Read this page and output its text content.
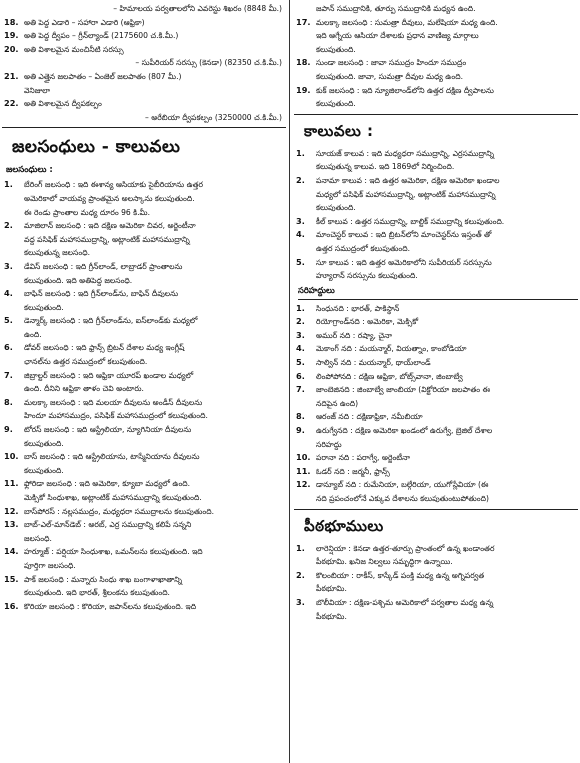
– హిమాలయ పర్వతాలలోని ఎవరెస్టు శిఖరం (8848 మీ.)
18. అతి పెద్ద ఎడారి – సహారా ఎడారి (ఆఫ్రికా)
19. అతి పెద్ద ద్వీపం – గ్రీన్‌ల్యాండ్ (2175600 చ.కి.మీ.)
20. అతి విశాలమైన మంచినీటి సరస్సు
– సుపీరియర్ సరస్సు (కెనడా) (82350 చ.కి.మీ.)
21. అతి ఎత్తైన జలపాతం – ఏంజెల్ జలపాతం (807 మీ.)
వెనిజులా
22. అతి విశాలమైన ద్వీపకల్పం
– అరేబియా ద్వీపకల్పం (3250000 చ.కి.మీ.)
జలసంధులు - కాలువలు
జలసంధులు :
1. బేరింగ్ జలసంధి : ఇది ఈశాన్య ఆసియాకు సైబీరియాను ఉత్తర
అమెరికాలో వాయవ్య ప్రాంతమైన అలస్కాను కలుపుతుంది.
ఈ రెండు ప్రాంతాల మధ్య దూరం 96 కి.మీ.
2. మాజిలాన్ జలసంధి : ఇది దక్షిణ అమెరికా చివర, అర్జెంటీనా
వద్ద పసిఫిక్ మహాసముద్రాన్ని, అట్లాంటిక్ మహాసముద్రాన్ని
కలుపుతున్న జలసంధి.
3. డేవిస్ జలసంధి : ఇది గ్రీన్‌లాండ్, లాబ్రాడర్ ప్రాంతాలను
కలుపుతుంది. ఇది అతిపెద్ద జలసంధి.
4. బాఫిన్ జలసంధి : ఇది గ్రీన్‌లాండ్‌ను, బాఫిన్ దీవులను
కలుపుతుంది.
5. డెన్మార్క్ జలసంధి : ఇది గ్రీన్‌లాండ్‌ను, ఐస్‌లాండ్‌కు మధ్యలో
ఉంది.
6. డోవర్ జలసంధి : ఇది ఫ్రాన్స్ బ్రిటన్ దేశాల మధ్య ఇంగ్లీష్
ఛానల్‌ను ఉత్తర సముద్రంలో కలుపుతుంది.
7. జిబ్రాల్టర్ జలసంధి : ఇది ఆఫ్రికా యూరప్ ఖండాల మధ్యలో
ఉంది. దీనిని ఆఫ్రికా తాళం చెవి అంటారు.
8. మలక్కా జలసంధి : ఇది మలయా దీవులను అండీస్ దీవులను
హిందూ మహాసముద్రం, పసిఫిక్ మహాసముద్రంలో కలుపుతుంది.
9. టోరస్ జలసంధి : ఇది ఆస్ట్రేలియా, న్యూగినియా దీవులను
కలుపుతుంది.
10. బాస్ జలసంధి : ఇది ఆస్ట్రేలియాను, టాస్మేనియాను దీవులను
కలుపుతుంది.
11. ఫ్లోరిడా జలసంధి : ఇది అమెరికా, క్యూబా మధ్యలో ఉంది.
మెక్సికో సింధుశాఖ, అట్లాంటిక్ మహాసముద్రాన్ని కలుపుతుంది.
12. బాస్‌పోరస్ : నల్లసముద్రం, మధ్యధరా సముద్రాలను కలుపుతుంది.
13. బాబ్-ఎల్-మాన్‌డెబ్ : అరబ్, ఎర్ర సముద్రాన్ని కలిపే సన్నని
జలసంధి.
14. హర్మూజ్ : పర్షియా సింధుశాఖ, ఒమన్‌లను కలుపుతుంది. ఇది
పూర్తిగా జలసంధి.
15. పాక్ జలసంధి : మన్నారు సింధు శాఖ బంగాళాఖాతాన్ని
కలుపుతుంది. ఇది భారత్, శ్రీలంకను కలుపుతుంది.
16. కొరియా జలసంధి : కొరియా, జపాన్‌లను కలుపుతుంది. ఇది
జపాన్ సముద్రానికి, తూర్పు సముద్రానికి మధ్యన ఉంది.
17. మలక్కా జలసంధి : సుమత్రా దీవులు, మలేషియా మధ్య ఉంది.
ఇది ఆగ్నేయ ఆసియా దేశాలకు ప్రధాన వాణిజ్య మార్గాలు
కలుపుతుంది.
18. సుండా జలసంధి : జావా సముద్రం హిందూ సముద్రం
కలుపుతుంది. జావా, సుమత్రా దీవుల మధ్య ఉంది.
19. కుక్ జలసంధి : ఇది న్యూజిలాండ్‌లోని ఉత్తర దక్షిణ ద్వీపాలను
కలుపుతుంది.
కాలువలు :
1. సూయజ్ కాలువ : ఇది మధ్యధరా సముద్రాన్ని, ఎర్రసముద్రాన్ని
కలుపుతున్న కాలువ. ఇది 1869లో నిర్మించింది.
2. పనామా కాలువ : ఇది ఉత్తర అమెరికా, దక్షిణ అమెరికా ఖండాల
మధ్యలో పసిఫిక్ మహాసముద్రాన్ని, అట్లాంటిక్ మహాసముద్రాన్ని
కలుపుతుంది.
3. కీల్ కాలువ : ఉత్తర సముద్రాన్ని, బాల్టిక్ సముద్రాన్ని కలుపుతుంది.
4. మాంచెస్టర్ కాలువ : ఇది బ్రిటన్‌లోని మాంచెస్టర్‌ను ఇస్తంత్ తో
ఉత్తర సముద్రంలో కలుపుతుంది.
5. సూ కాలువ : ఇది ఉత్తర అమెరికాలోని సుపీరియర్ సరస్సును
హ్యూరాన్ సరస్సును కలుపుతుంది.
సరిహద్దులు
1. సింధునది : భారత్, పాకిస్థాన్
2. రియోగ్రాండ్‌నది : అమెరికా, మెక్సికో
3. అముర్ నది : రష్యా, చైనా
4. మెకాంగ్ నది : మయన్మార్, వియత్నాం, కాంబోడియా
5. సాల్విన్ నది : మయన్మార్, థాయ్‌లాండ్
6. లింపోపోనది : దక్షిణ ఆఫ్రికా, బోట్స్‌వానా, జింబాబ్వే
7. జాంబెజినది : జింబాబ్వే జాంబియా (విక్టోరియా జలపాతం ఈ
నదిపైన ఉంది)
8. ఆరంజ్ నది : దక్షిణాఫ్రికా, నమీబియా
9. ఉరుగ్వేనది : దక్షిణ అమెరికా ఖండంలో ఉరుగ్వే, బ్రెజిల్ దేశాల
సరిహద్దు
10. పరానా నది : పరాగ్వే, అర్జెంటీనా
11. ఓడర్ నది : జర్మనీ, ఫ్రాన్స్
12. డాన్యూబ్ నది : రుమేనియా, బల్గేరియా, యుగోస్లేవియా (ఈ
నది ప్రపంచంలోనే ఎక్కువ దేశాలను కలుపుతుంటుపోతుంది)
పీఠభూములు
1. లారెన్షియా : కెనడా ఉత్తర-తూర్పు ప్రాంతంలో ఉన్న ఖండాంతర
పీఠభూమి. ఖనిజ నిల్వలు సమృద్ధిగా ఉన్నాయి.
2. కొలంబియా : రాకీస్, కాస్కేడ్ పంక్తి మధ్య ఉన్న అగ్నిపర్వత
పీఠభూమి.
3. బొలీవియా : దక్షిణ-పశ్చిమ అమెరికాలో పర్వతాల మధ్య ఉన్న
పీఠభూమి.
